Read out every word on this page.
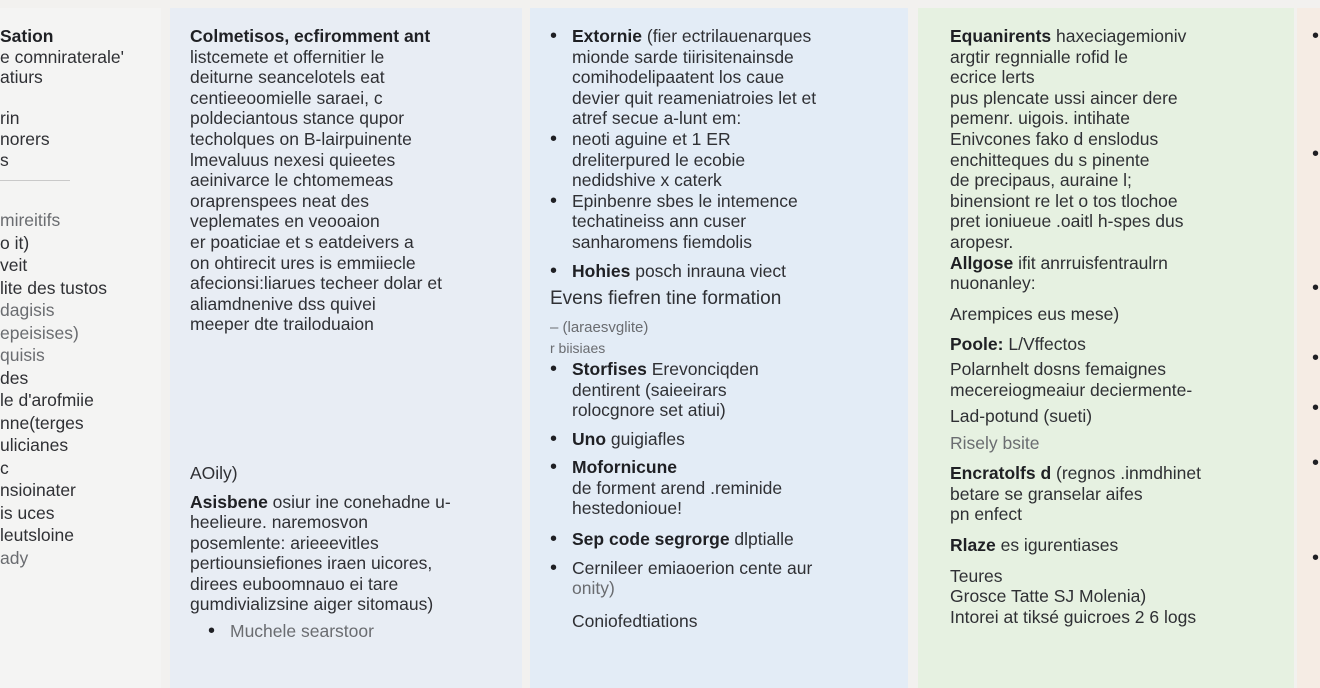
Sation
e comniraterale'
atiurs
rin
norers
s
mireitifs
o it)
veit
lite des tustos
dagisis
epeisises)
quisis
des
le d'arofmiie
nne(terges
ulicianes
c
nsioinater
is uces
leutsloine
ady
Colmetisos, ecfiromment ant
listcemete et offernitier le
deiturne seancelotels eat
centieeoomielle saraei, c
poldeciantous stance qupor
techolques on B-lairpuinente
lmevaluus nexesi quieetes
aeinivarce le chtomemeas
oraprenspees neat des
veplemates en veooaion
er poaticiae et s eatdeivers a
on ohtirecit ures is emmiiecle
afecionsi:liarues techeer dolar et
aliamdnenive dss quivei
meeper dte trailoduaion
AOily)
Asisbene osiur ine conehadne u-
heelieure. naremosvon
posemlente: arieeevitles
pertiounsiefiones iraen uicores,
direes euboomnauo ei tare
gumdivializsine aiger sitomaus)
• Muchele searstoor
• Extornie (fier ectrilauenarques
mionde sarde tiirisitenainsde
comihodelipaatent los caue
devier quit reameniatroies let et
atref secue a-lunt em:
• neoti aguine et 1 ER
dreliterpured le ecobie
nedidshive x caterk
• Epinbenre sbes le intemence
techatineiss ann cuser
sanharomens fiemdolis
• Hohies posch inrauna viect
Evens fiefren tine formation
– (laraesvglite)
r biisiaes
• Storfises Erevonciqden
dentirent (saieeirars
rolocgnore set atiui)
• Uno guigiafles
• Mofornicune
de forment arend .reminide
hestedonioue!
• Sep code segrorge dlptialle
• Cernileer emiaoerion cente aur
onity)
Coniofedtiations
Equanirents haxeciagemioniv
argtir regnnialle rofid le
ecrice lerts
pus plencate ussi aincer dere
pemenr. uigois. intihate
Enivcones fako d enslodus
enchitteques du s pinente
de precipaus, auraine l;
binensiont re let o tos tlochoe
pret ioniueue .oaitl h-spes dus
aropesr.
Allgose ifit anrruisfentraulrn
nuonanley:
Arempices eus mese)
Poole: L/Vffectos
Polarnhelt dosns femaignes
mecereiogmeaiur deciermente-
Lad-potund (sueti)
Risely bsite
Encratolfs d (regnos .inmdhinet
betare se granselar aifes
pn enfect
Rlaze es igurentiases
Teures
Grosce Tatte SJ Molenia)
Intorei at tiksé guicroes 2 6 logs
•
•
•
•
•
•
•
